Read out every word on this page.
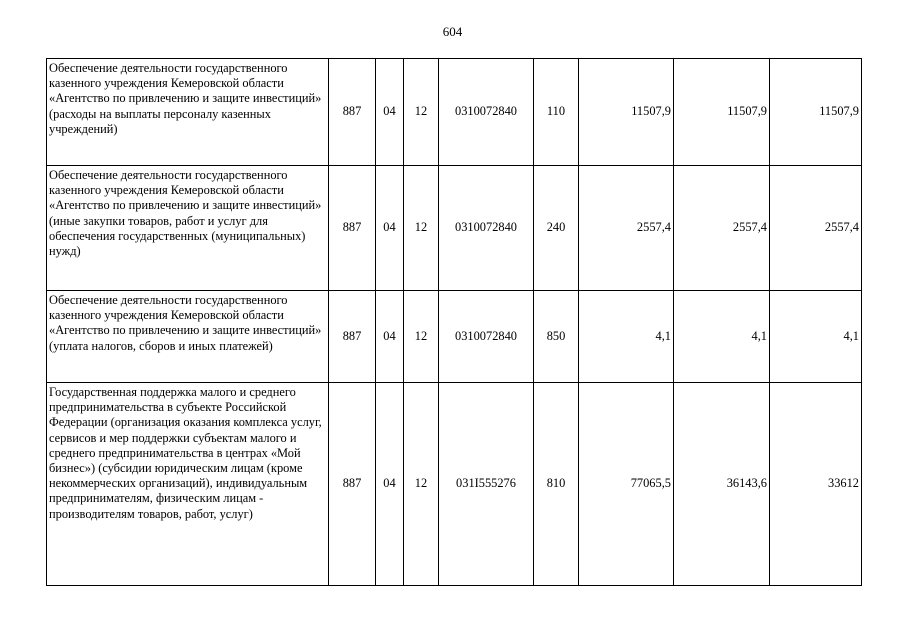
604
Обеспечение деятельности государственного казенного учреждения Кемеровской области «Агентство по привлечению и защите инвестиций» (расходы на выплаты персоналу казенных учреждений)	887	04	12	0310072840	110	11507,9	11507,9	11507,9
Обеспечение деятельности государственного казенного учреждения Кемеровской области «Агентство по привлечению и защите инвестиций» (иные закупки товаров, работ и услуг для обеспечения государственных (муниципальных) нужд)	887	04	12	0310072840	240	2557,4	2557,4	2557,4
Обеспечение деятельности государственного казенного учреждения Кемеровской области «Агентство по привлечению и защите инвестиций» (уплата налогов, сборов и иных платежей)	887	04	12	0310072840	850	4,1	4,1	4,1
Государственная поддержка малого и среднего предпринимательства в субъекте Российской Федерации (организация оказания комплекса услуг, сервисов и мер поддержки субъектам малого и среднего предпринимательства в центрах «Мой бизнес») (субсидии юридическим лицам (кроме некоммерческих организаций), индивидуальным предпринимателям, физическим лицам - производителям товаров, работ, услуг)	887	04	12	031I555276	810	77065,5	36143,6	33612
